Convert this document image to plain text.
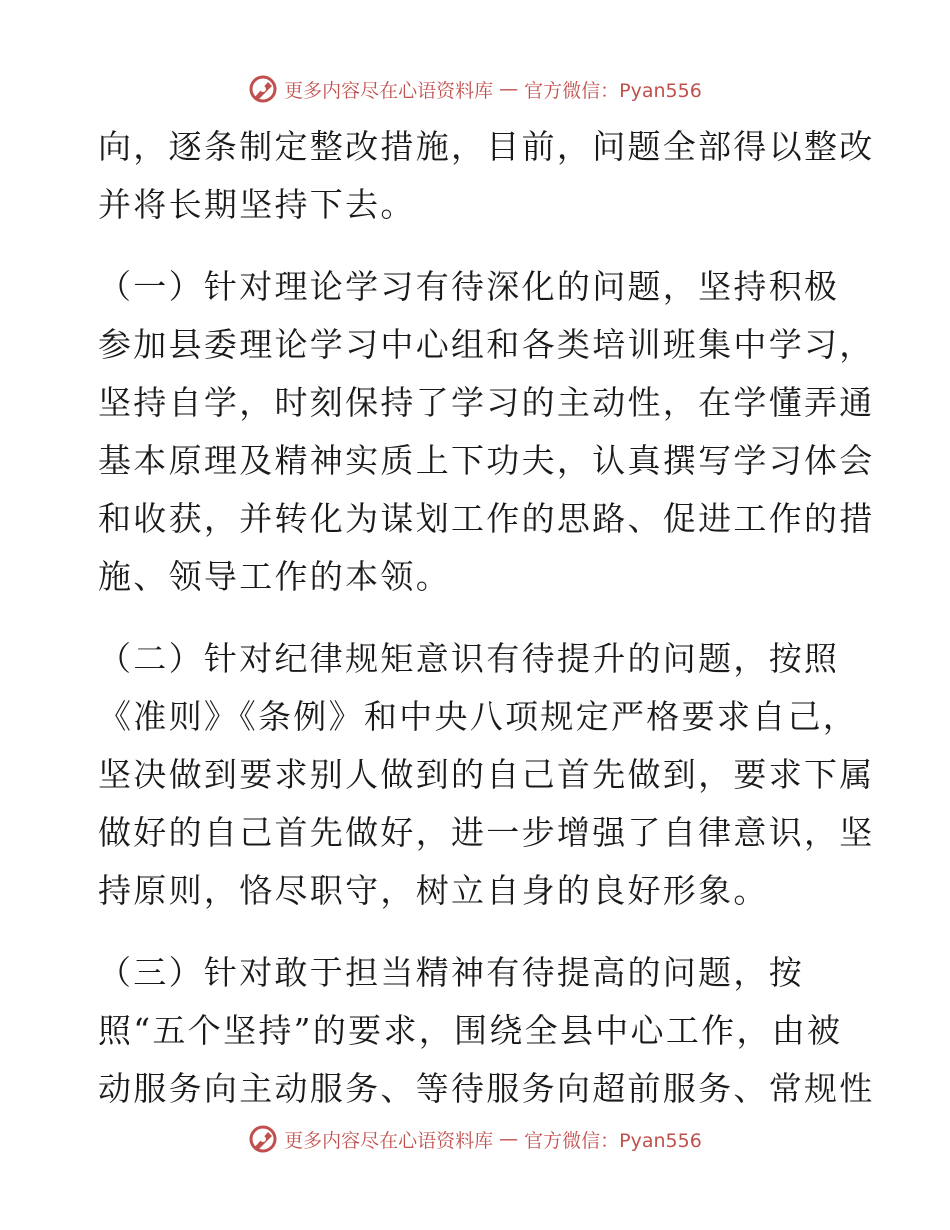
更多内容尽在心语资料库 — 官方微信：Pyan556
向，逐条制定整改措施，目前，问题全部得以整改
并将长期坚持下去。
（一）针对理论学习有待深化的问题，坚持积极
参加县委理论学习中心组和各类培训班集中学习，
坚持自学，时刻保持了学习的主动性，在学懂弄通
基本原理及精神实质上下功夫，认真撰写学习体会
和收获，并转化为谋划工作的思路、促进工作的措
施、领导工作的本领。
（二）针对纪律规矩意识有待提升的问题，按照
《准则》《条例》和中央八项规定严格要求自己，
坚决做到要求别人做到的自己首先做到，要求下属
做好的自己首先做好，进一步增强了自律意识，坚
持原则，恪尽职守，树立自身的良好形象。
（三）针对敢于担当精神有待提高的问题，按
照“五个坚持”的要求，围绕全县中心工作，由被
动服务向主动服务、等待服务向超前服务、常规性
更多内容尽在心语资料库 — 官方微信：Pyan556
